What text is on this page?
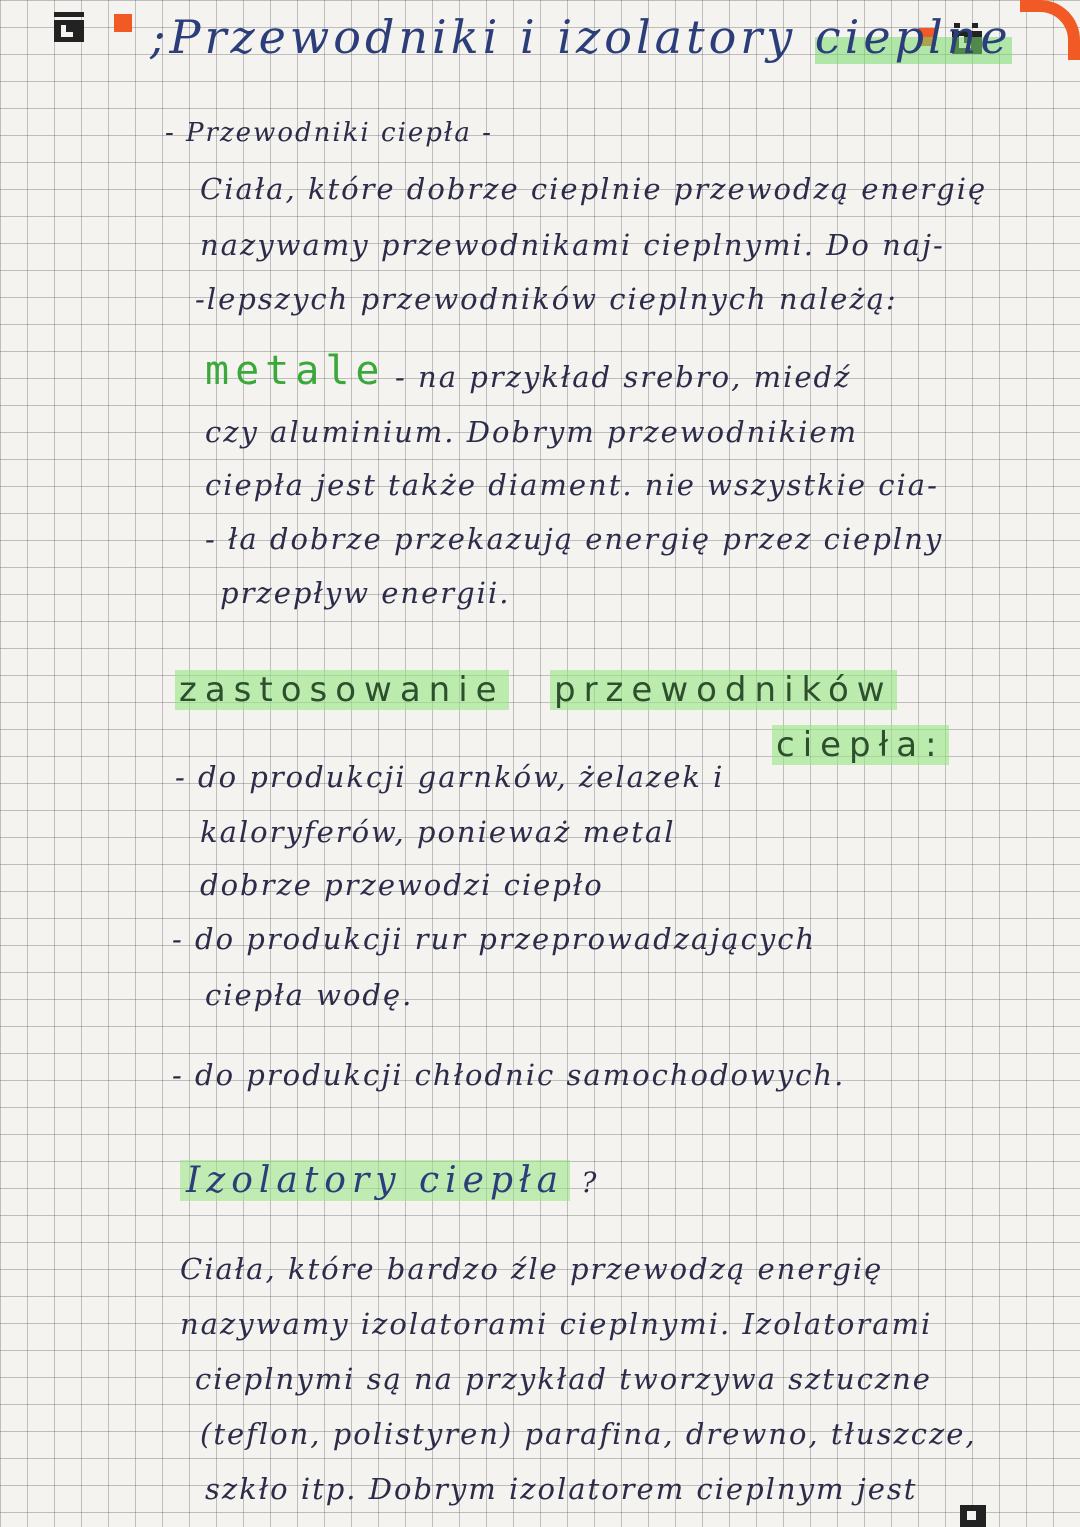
;Przewodniki i izolatory cieplne
- Przewodniki ciepła -
Ciała, które dobrze cieplnie przewodzą energię
nazywamy przewodnikami cieplnymi. Do naj-
-lepszych przewodników cieplnych należą:
metale - na przykład srebro, miedź
czy aluminium. Dobrym przewodnikiem
ciepła jest także diament. nie wszystkie cia-
- ła dobrze przekazują energię przez cieplny
przepływ energii.
zastosowanie przewodników
ciepła:
- do produkcji garnków, żelazek i
kaloryferów, ponieważ metal
dobrze przewodzi ciepło
- do produkcji rur przeprowadzających
ciepła wodę.
- do produkcji chłodnic samochodowych.
Izolatory ciepła ?
Ciała, które bardzo źle przewodzą energię
nazywamy izolatorami cieplnymi. Izolatorami
cieplnymi są na przykład tworzywa sztuczne
(teflon, polistyren) parafina, drewno, tłuszcze,
szkło itp. Dobrym izolatorem cieplnym jest
